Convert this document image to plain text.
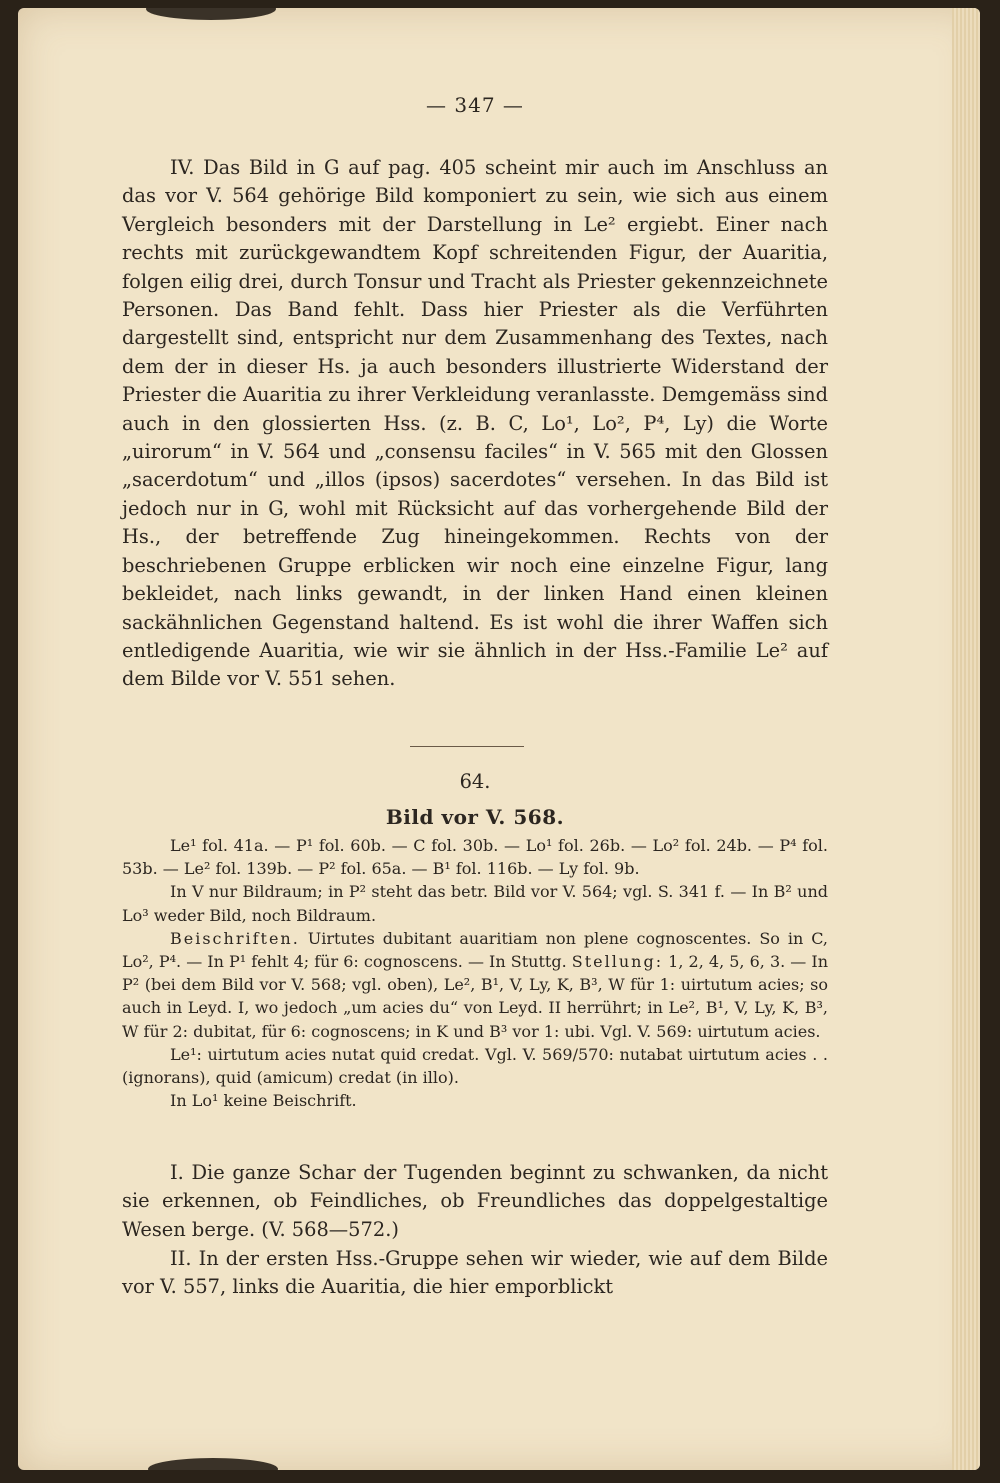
— 347 —

IV. Das Bild in G auf pag. 405 scheint mir auch im Anschluss an das vor V. 564 gehörige Bild komponiert zu sein, wie sich aus einem Vergleich besonders mit der Darstellung in Le² ergiebt. Einer nach rechts mit zurückgewandtem Kopf schreitenden Figur, der Auaritia, folgen eilig drei, durch Tonsur und Tracht als Priester gekennzeichnete Personen. Das Band fehlt. Dass hier Priester als die Verführten dargestellt sind, entspricht nur dem Zusammenhang des Textes, nach dem der in dieser Hs. ja auch besonders illustrierte Widerstand der Priester die Auaritia zu ihrer Verkleidung veranlasste. Demgemäss sind auch in den glossierten Hss. (z. B. C, Lo¹, Lo², P⁴, Ly) die Worte „uirorum“ in V. 564 und „consensu faciles“ in V. 565 mit den Glossen „sacerdotum“ und „illos (ipsos) sacerdotes“ versehen. In das Bild ist jedoch nur in G, wohl mit Rücksicht auf das vorhergehende Bild der Hs., der betreffende Zug hineingekommen. Rechts von der beschriebenen Gruppe erblicken wir noch eine einzelne Figur, lang bekleidet, nach links gewandt, in der linken Hand einen kleinen sackähnlichen Gegenstand haltend. Es ist wohl die ihrer Waffen sich entledigende Auaritia, wie wir sie ähnlich in der Hss.-Familie Le² auf dem Bilde vor V. 551 sehen.

64.
Bild vor V. 568.

Le¹ fol. 41a. — P¹ fol. 60b. — C fol. 30b. — Lo¹ fol. 26b. — Lo² fol. 24b. — P⁴ fol. 53b. — Le² fol. 139b. — P² fol. 65a. — B¹ fol. 116b. — Ly fol. 9b.

In V nur Bildraum; in P² steht das betr. Bild vor V. 564; vgl. S. 341 f. — In B² und Lo³ weder Bild, noch Bildraum.

Beischriften. Uirtutes dubitant auaritiam non plene cognoscentes. So in C, Lo², P⁴. — In P¹ fehlt 4; für 6: cognoscens. — In Stuttg. Stellung: 1, 2, 4, 5, 6, 3. — In P² (bei dem Bild vor V. 568; vgl. oben), Le², B¹, V, Ly, K, B³, W für 1: uirtutum acies; so auch in Leyd. I, wo jedoch „um acies du“ von Leyd. II herrührt; in Le², B¹, V, Ly, K, B³, W für 2: dubitat, für 6: cognoscens; in K und B³ vor 1: ubi. Vgl. V. 569: uirtutum acies.

Le¹: uirtutum acies nutat quid credat. Vgl. V. 569/570: nutabat uirtutum acies . . (ignorans), quid (amicum) credat (in illo).

In Lo¹ keine Beischrift.

I. Die ganze Schar der Tugenden beginnt zu schwanken, da nicht sie erkennen, ob Feindliches, ob Freundliches das doppelgestaltige Wesen berge. (V. 568—572.)

II. In der ersten Hss.-Gruppe sehen wir wieder, wie auf dem Bilde vor V. 557, links die Auaritia, die hier emporblickt
